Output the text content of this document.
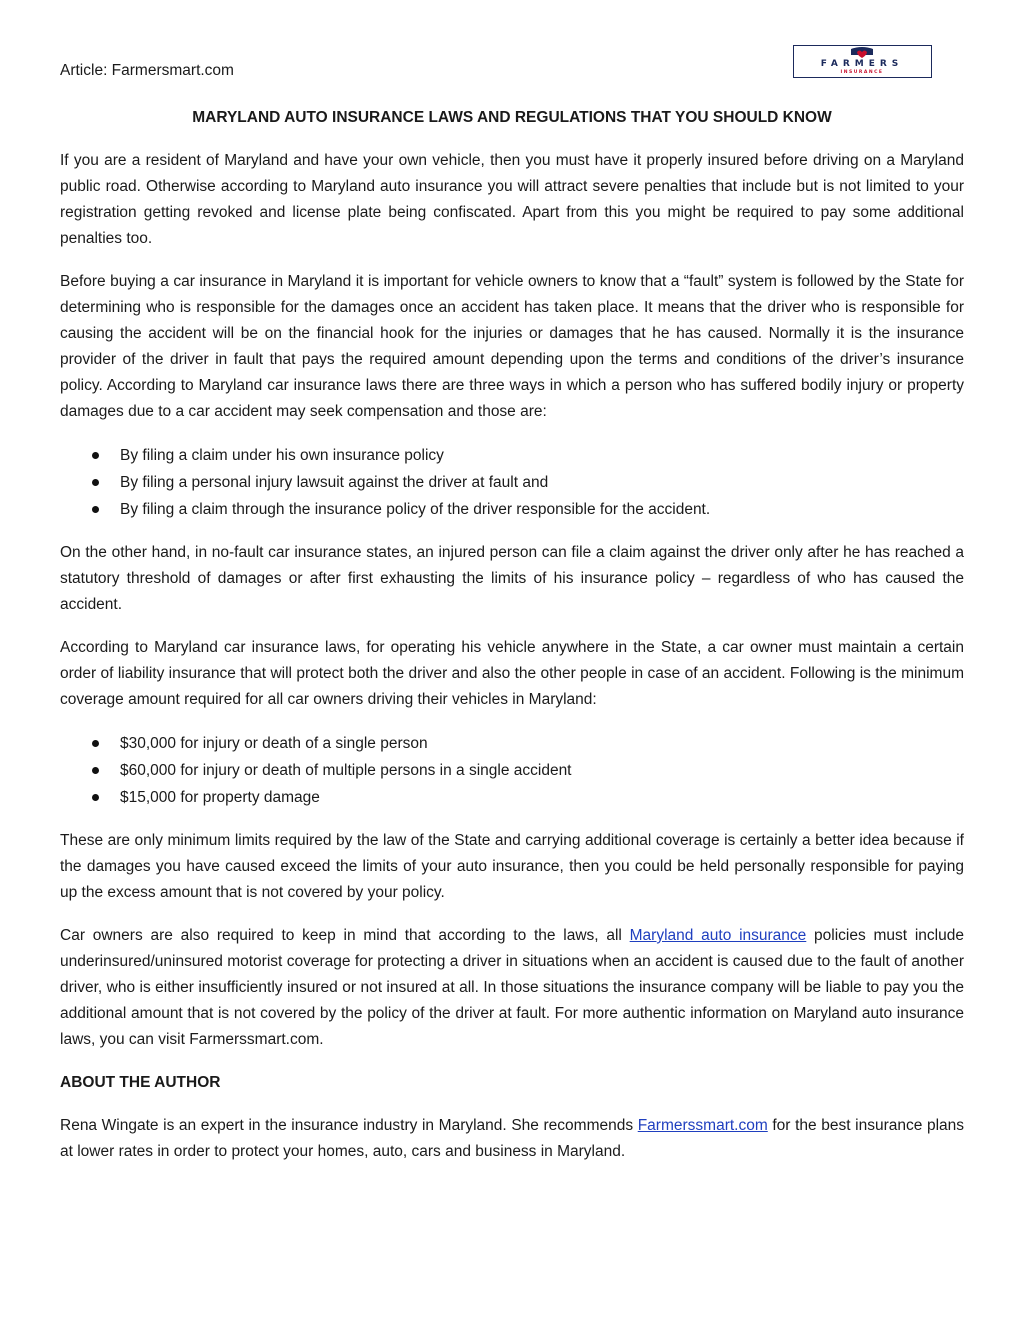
Article: Farmersmart.com	FARMERS
INSURANCE
MARYLAND AUTO INSURANCE LAWS AND REGULATIONS THAT YOU SHOULD KNOW

If you are a resident of Maryland and have your own vehicle, then you must have it properly insured before driving on a Maryland public road. Otherwise according to Maryland auto insurance you will attract severe penalties that include but is not limited to your registration getting revoked and license plate being confiscated. Apart from this you might be required to pay some additional penalties too.

Before buying a car insurance in Maryland it is important for vehicle owners to know that a “fault” system is followed by the State for determining who is responsible for the damages once an accident has taken place. It means that the driver who is responsible for causing the accident will be on the financial hook for the injuries or damages that he has caused. Normally it is the insurance provider of the driver in fault that pays the required amount depending upon the terms and conditions of the driver’s insurance policy. According to Maryland car insurance laws there are three ways in which a person who has suffered bodily injury or property damages due to a car accident may seek compensation and those are:

By filing a claim under his own insurance policy
By filing a personal injury lawsuit against the driver at fault and
By filing a claim through the insurance policy of the driver responsible for the accident.

On the other hand, in no-fault car insurance states, an injured person can file a claim against the driver only after he has reached a statutory threshold of damages or after first exhausting the limits of his insurance policy – regardless of who has caused the accident.

According to Maryland car insurance laws, for operating his vehicle anywhere in the State, a car owner must maintain a certain order of liability insurance that will protect both the driver and also the other people in case of an accident. Following is the minimum coverage amount required for all car owners driving their vehicles in Maryland:

$30,000 for injury or death of a single person
$60,000 for injury or death of multiple persons in a single accident
$15,000 for property damage

These are only minimum limits required by the law of the State and carrying additional coverage is certainly a better idea because if the damages you have caused exceed the limits of your auto insurance, then you could be held personally responsible for paying up the excess amount that is not covered by your policy.

Car owners are also required to keep in mind that according to the laws, all Maryland auto insurance policies must include underinsured/uninsured motorist coverage for protecting a driver in situations when an accident is caused due to the fault of another driver, who is either insufficiently insured or not insured at all. In those situations the insurance company will be liable to pay you the additional amount that is not covered by the policy of the driver at fault. For more authentic information on Maryland auto insurance laws, you can visit Farmerssmart.com.

ABOUT THE AUTHOR

Rena Wingate is an expert in the insurance industry in Maryland. She recommends Farmerssmart.com for the best insurance plans at lower rates in order to protect your homes, auto, cars and business in Maryland.
